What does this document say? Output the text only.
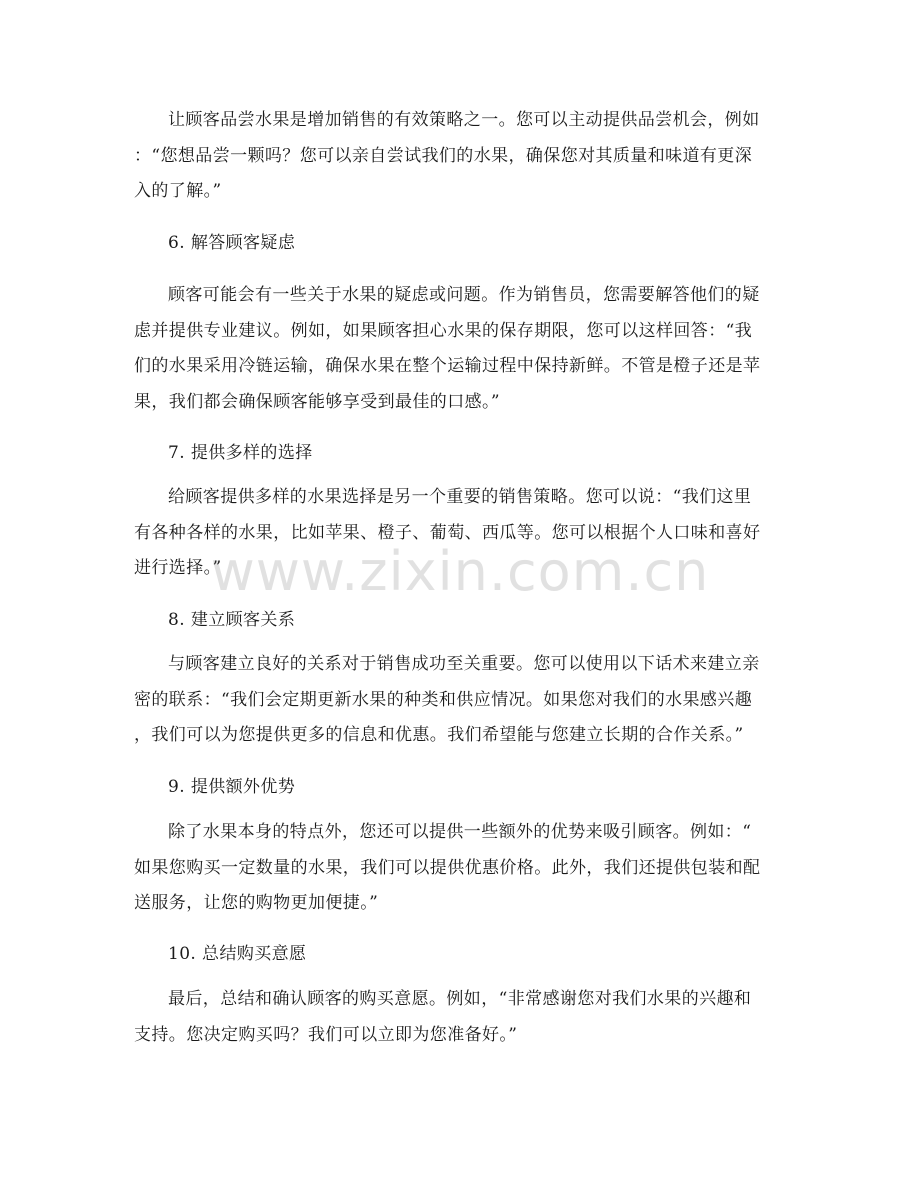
让顾客品尝水果是增加销售的有效策略之一。您可以主动提供品尝机会，例如
：“您想品尝一颗吗？您可以亲自尝试我们的水果，确保您对其质量和味道有更深
入的了解。”
6. 解答顾客疑虑
顾客可能会有一些关于水果的疑虑或问题。作为销售员，您需要解答他们的疑
虑并提供专业建议。例如，如果顾客担心水果的保存期限，您可以这样回答：“我
们的水果采用冷链运输，确保水果在整个运输过程中保持新鲜。不管是橙子还是苹
果，我们都会确保顾客能够享受到最佳的口感。”
7. 提供多样的选择
给顾客提供多样的水果选择是另一个重要的销售策略。您可以说：“我们这里
有各种各样的水果，比如苹果、橙子、葡萄、西瓜等。您可以根据个人口味和喜好
进行选择。”
8. 建立顾客关系
与顾客建立良好的关系对于销售成功至关重要。您可以使用以下话术来建立亲
密的联系：“我们会定期更新水果的种类和供应情况。如果您对我们的水果感兴趣
，我们可以为您提供更多的信息和优惠。我们希望能与您建立长期的合作关系。”
9. 提供额外优势
除了水果本身的特点外，您还可以提供一些额外的优势来吸引顾客。例如：“
如果您购买一定数量的水果，我们可以提供优惠价格。此外，我们还提供包装和配
送服务，让您的购物更加便捷。”
10. 总结购买意愿
最后，总结和确认顾客的购买意愿。例如，“非常感谢您对我们水果的兴趣和
支持。您决定购买吗？我们可以立即为您准备好。”
www.zixin.com.cn
